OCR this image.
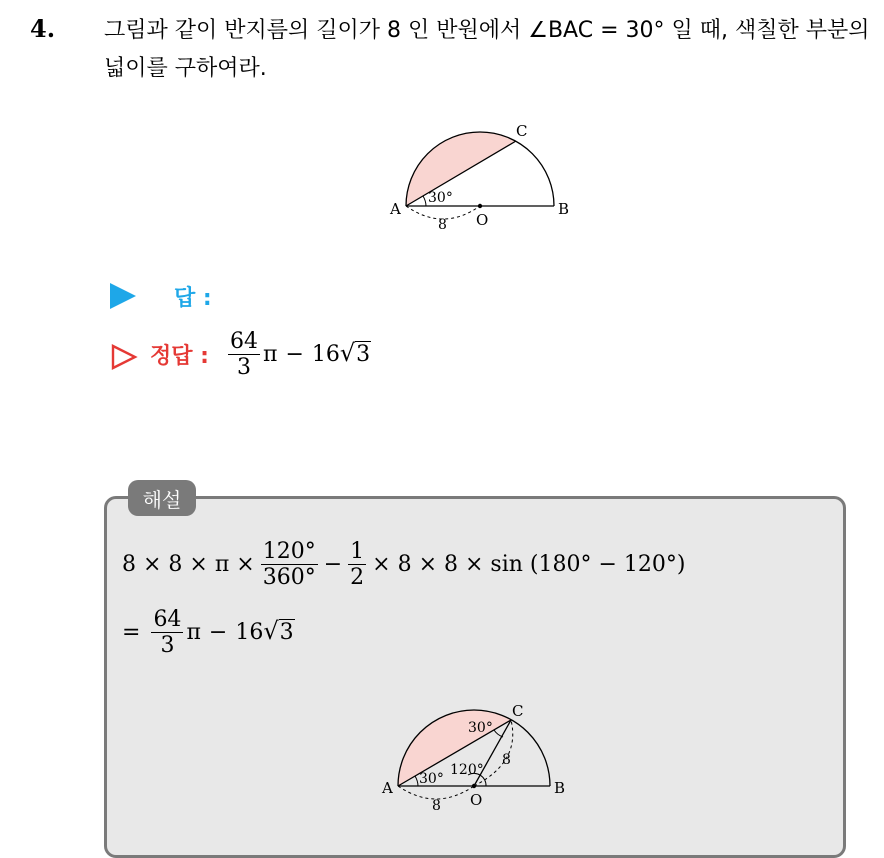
4. 그림과 같이 반지름의 길이가 8 인 반원에서 ∠BAC = 30° 일 때, 색칠한 부분의 넓이를 구하여라.
A	B
C
O
30°
8
답 :
정답 : $\frac{64}{3}$ π − 16 √ 3
해설
$8 \times 8 \times \pi \times \frac{120^\circ}{360^\circ} - \frac{1}{2} \times 8 \times 8 \times \sin (180^\circ - 120^\circ)$
= $\frac{64}{3}$ π − 16 √ 3
A	B
C
O
30°
30°
120°
8
8
